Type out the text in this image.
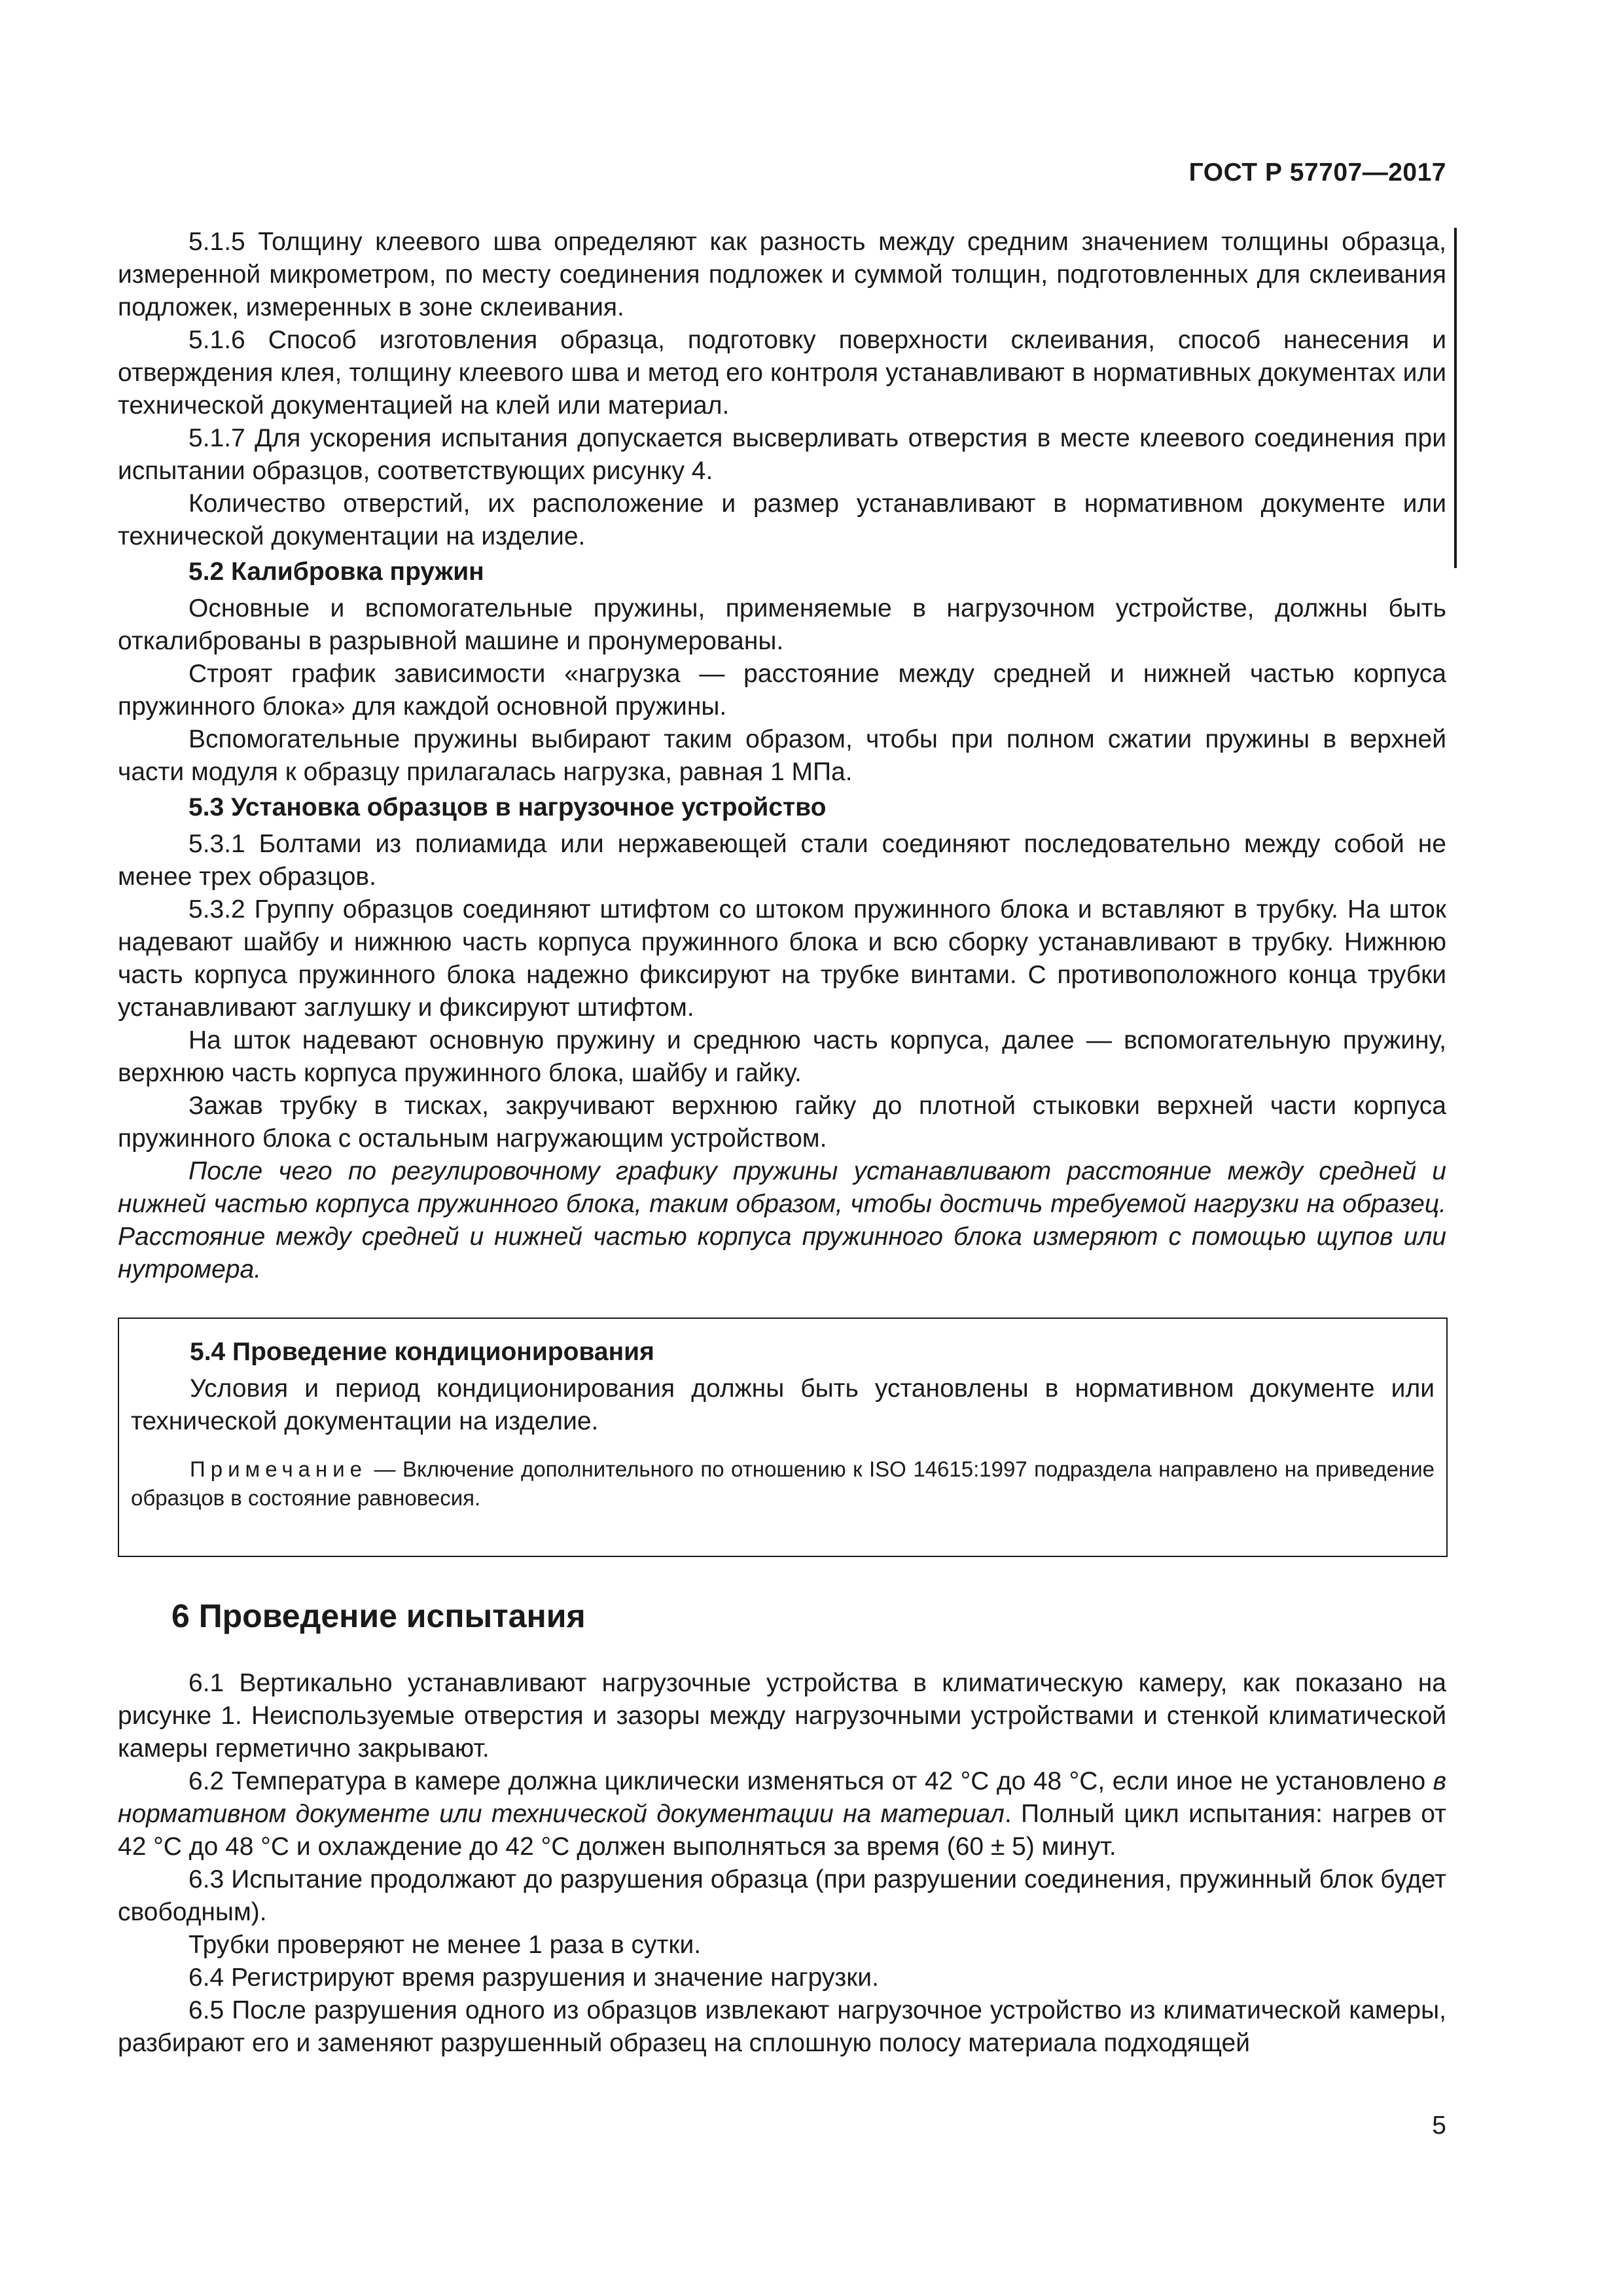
ГОСТ Р 57707—2017

5.1.5 Толщину клеевого шва определяют как разность между средним значением толщины образца, измеренной микрометром, по месту соединения подложек и суммой толщин, подготовленных для склеивания подложек, измеренных в зоне склеивания.

5.1.6 Способ изготовления образца, подготовку поверхности склеивания, способ нанесения и отверждения клея, толщину клеевого шва и метод его контроля устанавливают в нормативных документах или технической документацией на клей или материал.

5.1.7 Для ускорения испытания допускается высверливать отверстия в месте клеевого соединения при испытании образцов, соответствующих рисунку 4.

Количество отверстий, их расположение и размер устанавливают в нормативном документе или технической документации на изделие.

5.2 Калибровка пружин

Основные и вспомогательные пружины, применяемые в нагрузочном устройстве, должны быть откалиброваны в разрывной машине и пронумерованы.

Строят график зависимости «нагрузка — расстояние между средней и нижней частью корпуса пружинного блока» для каждой основной пружины.

Вспомогательные пружины выбирают таким образом, чтобы при полном сжатии пружины в верхней части модуля к образцу прилагалась нагрузка, равная 1 МПа.

5.3 Установка образцов в нагрузочное устройство

5.3.1 Болтами из полиамида или нержавеющей стали соединяют последовательно между собой не менее трех образцов.

5.3.2 Группу образцов соединяют штифтом со штоком пружинного блока и вставляют в трубку. На шток надевают шайбу и нижнюю часть корпуса пружинного блока и всю сборку устанавливают в трубку. Нижнюю часть корпуса пружинного блока надежно фиксируют на трубке винтами. С противоположного конца трубки устанавливают заглушку и фиксируют штифтом.

На шток надевают основную пружину и среднюю часть корпуса, далее — вспомогательную пружину, верхнюю часть корпуса пружинного блока, шайбу и гайку.

Зажав трубку в тисках, закручивают верхнюю гайку до плотной стыковки верхней части корпуса пружинного блока с остальным нагружающим устройством.

После чего по регулировочному графику пружины устанавливают расстояние между средней и нижней частью корпуса пружинного блока, таким образом, чтобы достичь требуемой нагрузки на образец. Расстояние между средней и нижней частью корпуса пружинного блока измеряют с помощью щупов или нутромера.

5.4 Проведение кондиционирования

Условия и период кондиционирования должны быть установлены в нормативном документе или технической документации на изделие.

Примечание — Включение дополнительного по отношению к ISO 14615:1997 подраздела направлено на приведение образцов в состояние равновесия.

6 Проведение испытания

6.1 Вертикально устанавливают нагрузочные устройства в климатическую камеру, как показано на рисунке 1. Неиспользуемые отверстия и зазоры между нагрузочными устройствами и стенкой климатической камеры герметично закрывают.

6.2 Температура в камере должна циклически изменяться от 42 °С до 48 °С, если иное не установлено в нормативном документе или технической документации на материал. Полный цикл испытания: нагрев от 42 °С до 48 °С и охлаждение до 42 °С должен выполняться за время (60 ± 5) минут.

6.3 Испытание продолжают до разрушения образца (при разрушении соединения, пружинный блок будет свободным).

Трубки проверяют не менее 1 раза в сутки.

6.4 Регистрируют время разрушения и значение нагрузки.

6.5 После разрушения одного из образцов извлекают нагрузочное устройство из климатической камеры, разбирают его и заменяют разрушенный образец на сплошную полосу материала подходящей

5
